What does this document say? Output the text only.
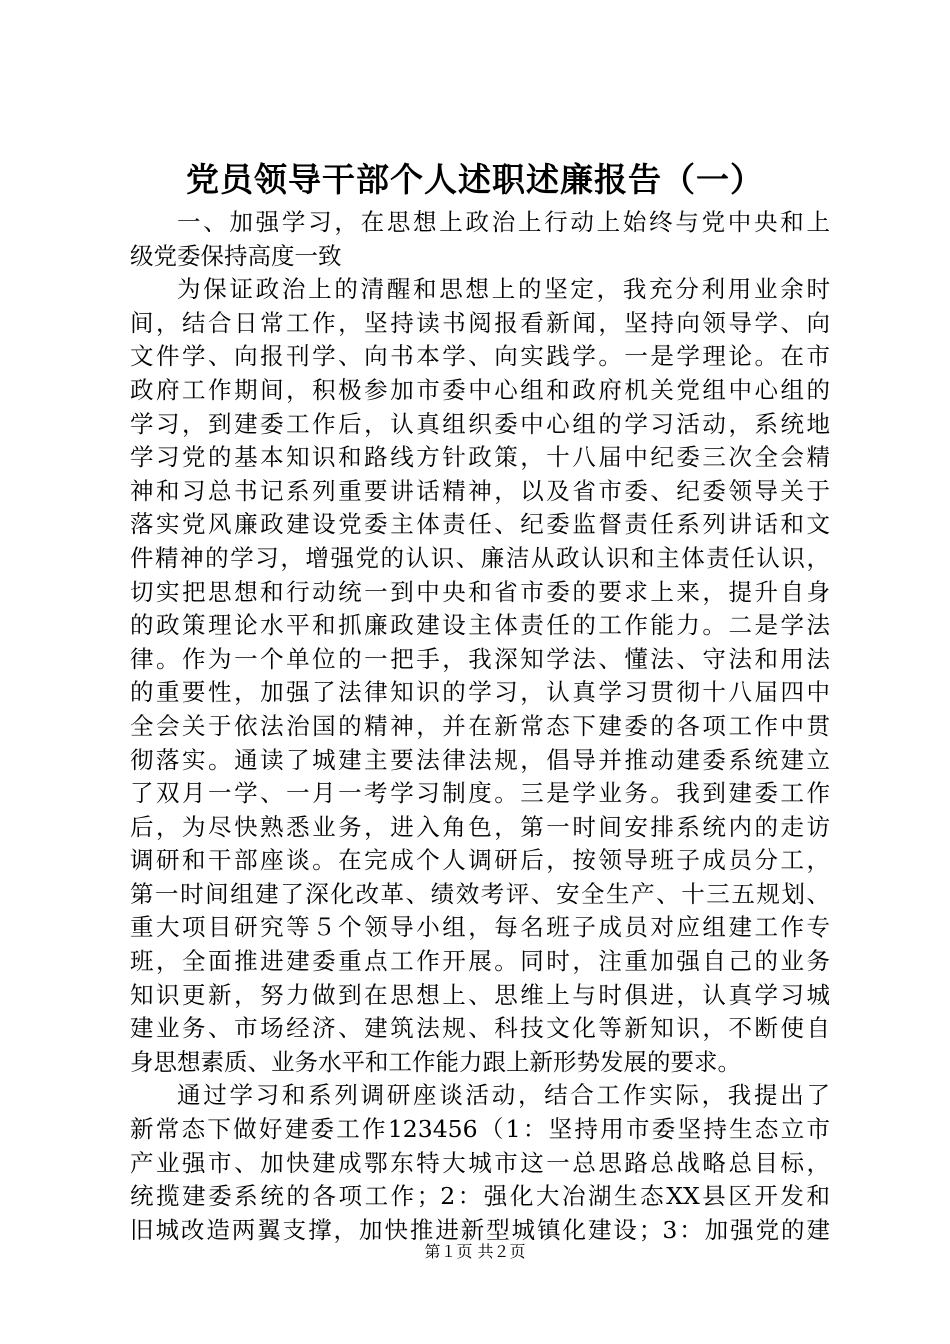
党员领导干部个人述职述廉报告（一）
一、加强学习，在思想上政治上行动上始终与党中央和上
级党委保持高度一致
为保证政治上的清醒和思想上的坚定，我充分利用业余时
间，结合日常工作，坚持读书阅报看新闻，坚持向领导学、向
文件学、向报刊学、向书本学、向实践学。一是学理论。在市
政府工作期间，积极参加市委中心组和政府机关党组中心组的
学习，到建委工作后，认真组织委中心组的学习活动，系统地
学习党的基本知识和路线方针政策，十八届中纪委三次全会精
神和习总书记系列重要讲话精神，以及省市委、纪委领导关于
落实党风廉政建设党委主体责任、纪委监督责任系列讲话和文
件精神的学习，增强党的认识、廉洁从政认识和主体责任认识，
切实把思想和行动统一到中央和省市委的要求上来，提升自身
的政策理论水平和抓廉政建设主体责任的工作能力。二是学法
律。作为一个单位的一把手，我深知学法、懂法、守法和用法
的重要性，加强了法律知识的学习，认真学习贯彻十八届四中
全会关于依法治国的精神，并在新常态下建委的各项工作中贯
彻落实。通读了城建主要法律法规，倡导并推动建委系统建立
了双月一学、一月一考学习制度。三是学业务。我到建委工作
后，为尽快熟悉业务，进入角色，第一时间安排系统内的走访
调研和干部座谈。在完成个人调研后，按领导班子成员分工，
第一时间组建了深化改革、绩效考评、安全生产、十三五规划、
重大项目研究等５个领导小组，每名班子成员对应组建工作专
班，全面推进建委重点工作开展。同时，注重加强自己的业务
知识更新，努力做到在思想上、思维上与时俱进，认真学习城
建业务、市场经济、建筑法规、科技文化等新知识，不断使自
身思想素质、业务水平和工作能力跟上新形势发展的要求。
通过学习和系列调研座谈活动，结合工作实际，我提出了
新常态下做好建委工作123456（1：坚持用市委坚持生态立市
产业强市、加快建成鄂东特大城市这一总思路总战略总目标，
统揽建委系统的各项工作；2：强化大冶湖生态XX县区开发和
旧城改造两翼支撑，加快推进新型城镇化建设；3：加强党的建
第１页 共２页
